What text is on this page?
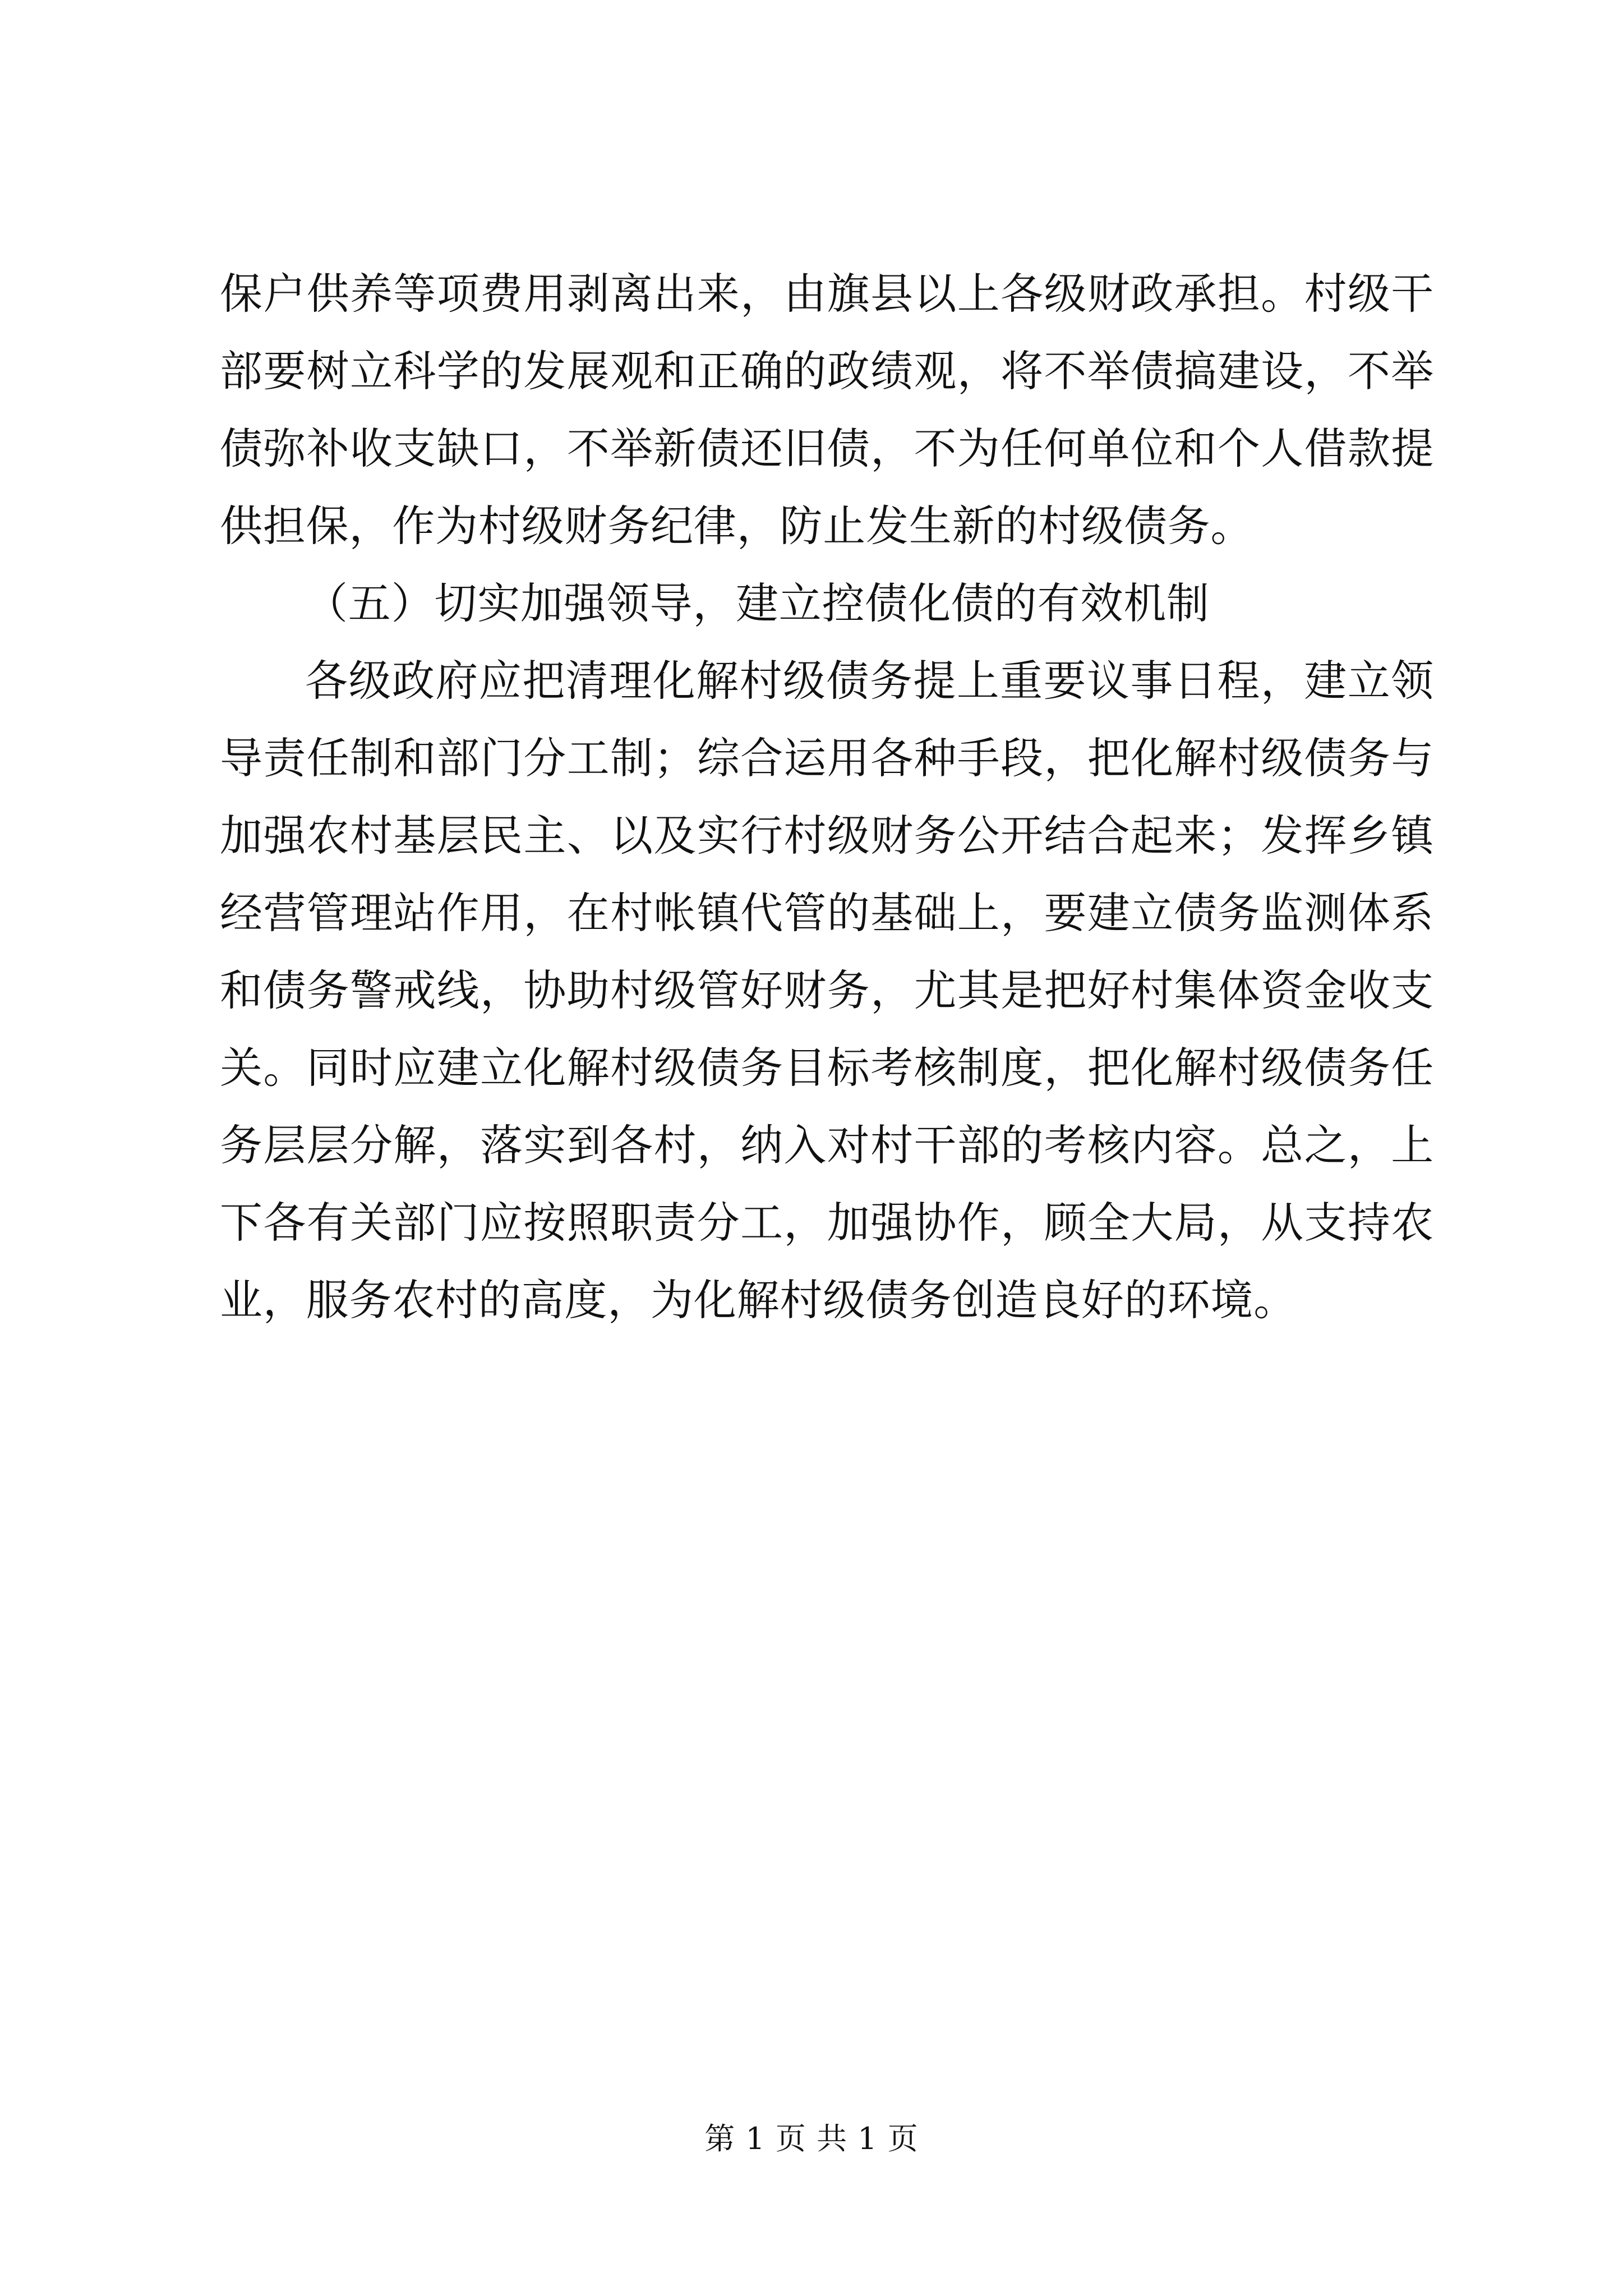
保户供养等项费用剥离出来，由旗县以上各级财政承担。村级干
部要树立科学的发展观和正确的政绩观，将不举债搞建设，不举
债弥补收支缺口，不举新债还旧债，不为任何单位和个人借款提
供担保，作为村级财务纪律，防止发生新的村级债务。
（五）切实加强领导，建立控债化债的有效机制
各级政府应把清理化解村级债务提上重要议事日程，建立领
导责任制和部门分工制；综合运用各种手段，把化解村级债务与
加强农村基层民主、以及实行村级财务公开结合起来；发挥乡镇
经营管理站作用，在村帐镇代管的基础上，要建立债务监测体系
和债务警戒线，协助村级管好财务，尤其是把好村集体资金收支
关。同时应建立化解村级债务目标考核制度，把化解村级债务任
务层层分解，落实到各村，纳入对村干部的考核内容。总之，上
下各有关部门应按照职责分工，加强协作，顾全大局，从支持农
业，服务农村的高度，为化解村级债务创造良好的环境。
第 1 页 共 1 页
